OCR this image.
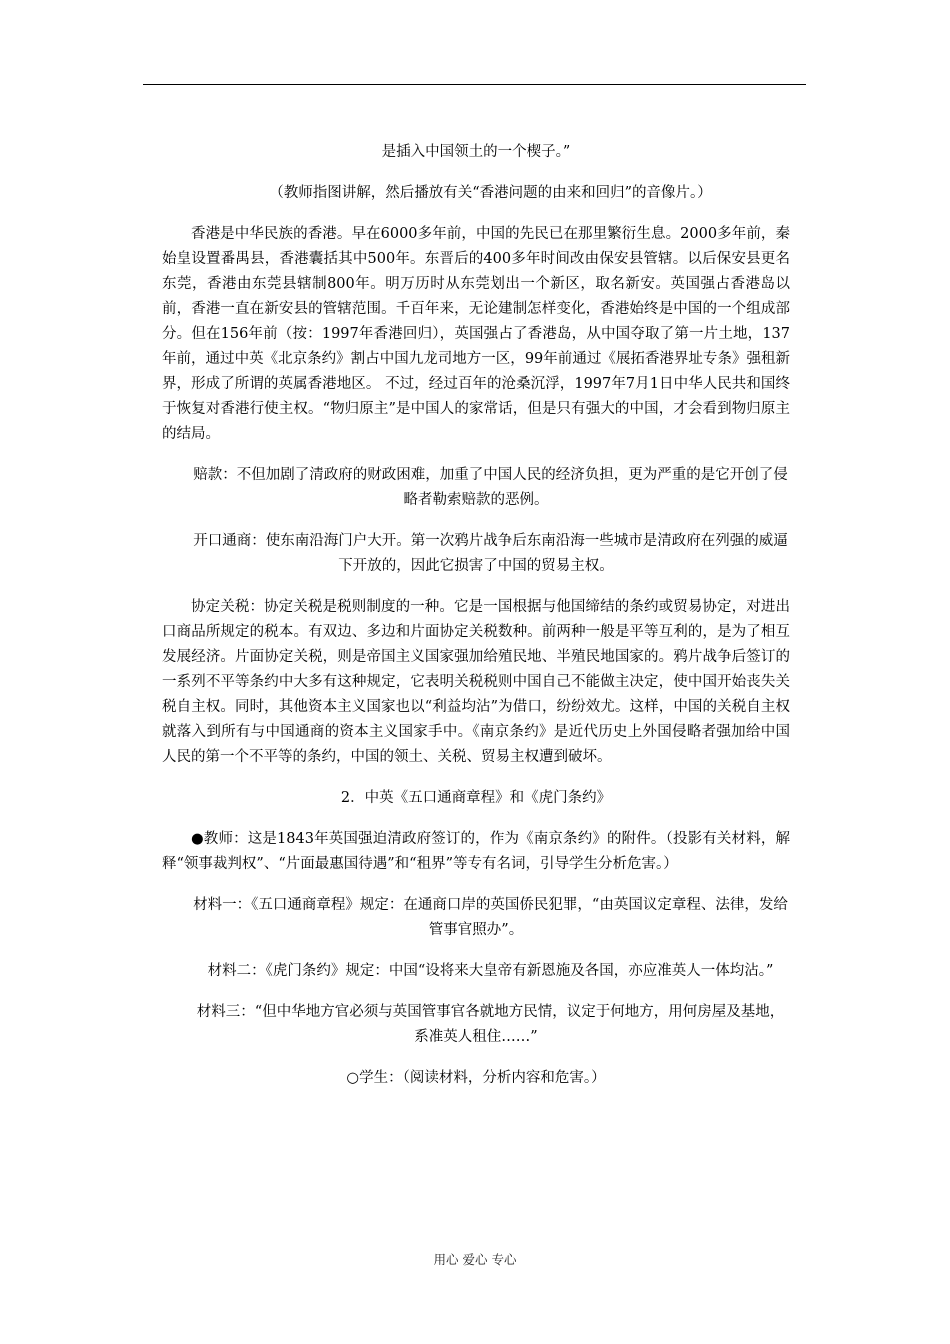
是插入中国领土的一个楔子。”

（教师指图讲解，然后播放有关“香港问题的由来和回归”的音像片。）

香港是中华民族的香港。早在6000多年前，中国的先民已在那里繁衍生息。2000多年前，秦始皇设置番禺县，香港囊括其中500年。东晋后的400多年时间改由保安县管辖。以后保安县更名东莞，香港由东莞县辖制800年。明万历时从东莞划出一个新区，取名新安。英国强占香港岛以前，香港一直在新安县的管辖范围。千百年来，无论建制怎样变化，香港始终是中国的一个组成部分。但在156年前（按：1997年香港回归），英国强占了香港岛，从中国夺取了第一片土地，137年前，通过中英《北京条约》割占中国九龙司地方一区，99年前通过《展拓香港界址专条》强租新界，形成了所谓的英属香港地区。 不过，经过百年的沧桑沉浮，1997年7月1日中华人民共和国终于恢复对香港行使主权。“物归原主”是中国人的家常话，但是只有强大的中国，才会看到物归原主的结局。

赔款：不但加剧了清政府的财政困难，加重了中国人民的经济负担，更为严重的是它开创了侵略者勒索赔款的恶例。

开口通商：使东南沿海门户大开。第一次鸦片战争后东南沿海一些城市是清政府在列强的威逼下开放的，因此它损害了中国的贸易主权。

协定关税：协定关税是税则制度的一种。它是一国根据与他国缔结的条约或贸易协定，对进出口商品所规定的税本。有双边、多边和片面协定关税数种。前两种一般是平等互利的，是为了相互发展经济。片面协定关税，则是帝国主义国家强加给殖民地、半殖民地国家的。鸦片战争后签订的一系列不平等条约中大多有这种规定，它表明关税税则中国自己不能做主决定，使中国开始丧失关税自主权。同时，其他资本主义国家也以“利益均沾”为借口，纷纷效尤。这样，中国的关税自主权就落入到所有与中国通商的资本主义国家手中。《南京条约》是近代历史上外国侵略者强加给中国人民的第一个不平等的条约，中国的领土、关税、贸易主权遭到破坏。

2．中英《五口通商章程》和《虎门条约》

●教师：这是1843年英国强迫清政府签订的，作为《南京条约》的附件。（投影有关材料，解释“领事裁判权”、“片面最惠国待遇”和“租界”等专有名词，引导学生分析危害。）

材料一：《五口通商章程》规定：在通商口岸的英国侨民犯罪，“由英国议定章程、法律，发给管事官照办”。

材料二：《虎门条约》规定：中国“设将来大皇帝有新恩施及各国，亦应准英人一体均沾。”

材料三：“但中华地方官必须与英国管事官各就地方民情，议定于何地方，用何房屋及基地，系准英人租住……”

○学生：（阅读材料，分析内容和危害。）

用心 爱心 专心
